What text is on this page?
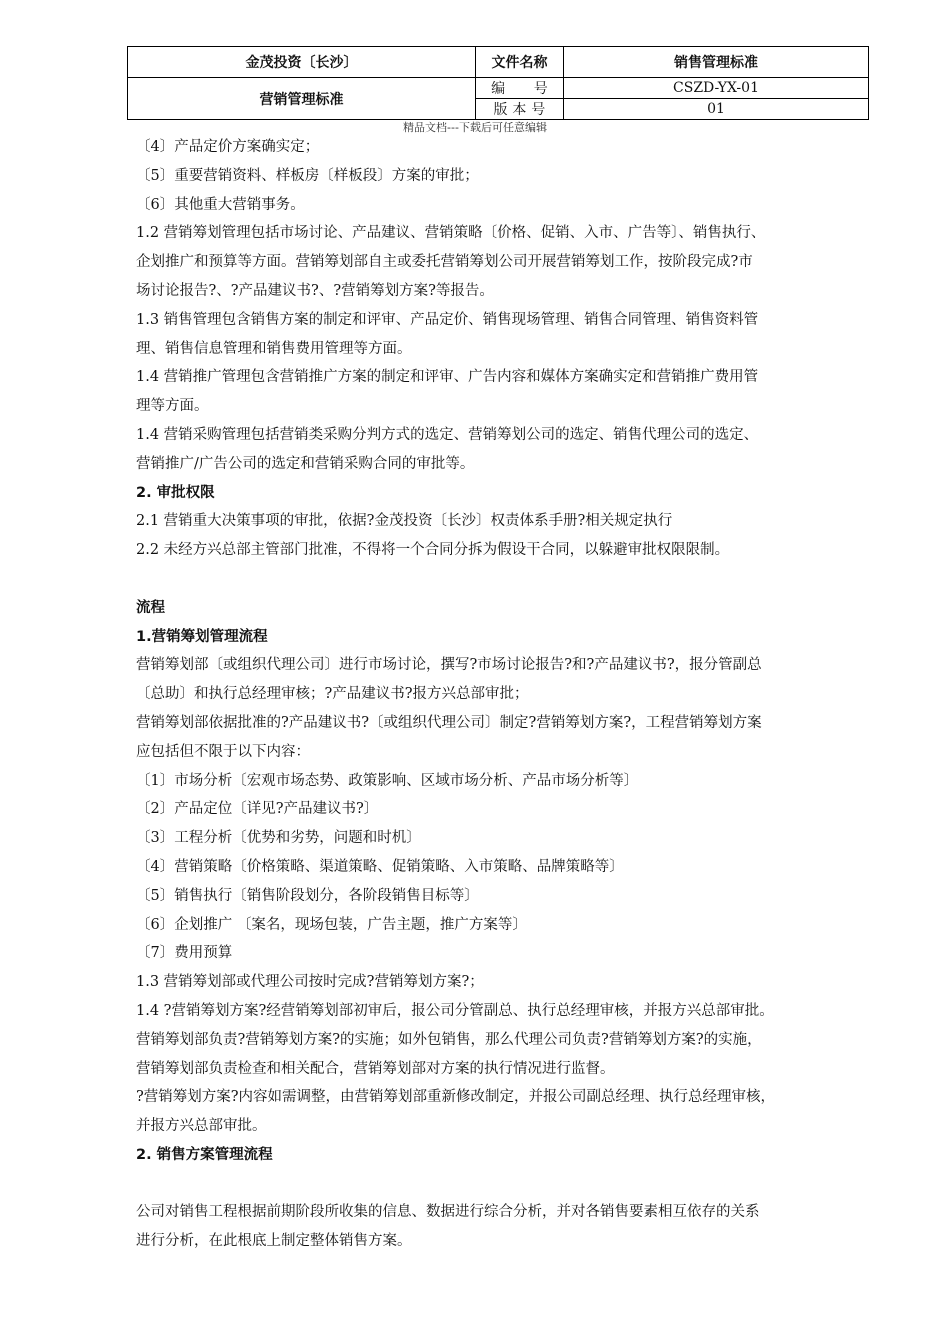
金茂投资〔长沙〕	文件名称	销售管理标准
营销管理标准	编　　号	CSZD-YX-01
	版 本 号	01
精品文档---下载后可任意编辑
〔4〕产品定价方案确实定；
〔5〕重要营销资料、样板房〔样板段〕方案的审批；
〔6〕其他重大营销事务。
1.2 营销筹划管理包括市场讨论、产品建议、营销策略〔价格、促销、入市、广告等〕、销售执行、
企划推广和预算等方面。营销筹划部自主或委托营销筹划公司开展营销筹划工作，按阶段完成?市
场讨论报告?、?产品建议书?、?营销筹划方案?等报告。
1.3 销售管理包含销售方案的制定和评审、产品定价、销售现场管理、销售合同管理、销售资料管
理、销售信息管理和销售费用管理等方面。
1.4 营销推广管理包含营销推广方案的制定和评审、广告内容和媒体方案确实定和营销推广费用管
理等方面。
1.4 营销采购管理包括营销类采购分判方式的选定、营销筹划公司的选定、销售代理公司的选定、
营销推广/广告公司的选定和营销采购合同的审批等。
2. 审批权限
2.1 营销重大决策事项的审批，依据?金茂投资〔长沙〕权责体系手册?相关规定执行
2.2 未经方兴总部主管部门批准，不得将一个合同分拆为假设干合同，以躲避审批权限限制。
流程
1.营销筹划管理流程
营销筹划部〔或组织代理公司〕进行市场讨论，撰写?市场讨论报告?和?产品建议书?，报分管副总
〔总助〕和执行总经理审核；?产品建议书?报方兴总部审批；
营销筹划部依据批准的?产品建议书?〔或组织代理公司〕制定?营销筹划方案?，工程营销筹划方案
应包括但不限于以下内容：
〔1〕市场分析〔宏观市场态势、政策影响、区域市场分析、产品市场分析等〕
〔2〕产品定位〔详见?产品建议书?〕
〔3〕工程分析〔优势和劣势，问题和时机〕
〔4〕营销策略〔价格策略、渠道策略、促销策略、入市策略、品牌策略等〕
〔5〕销售执行〔销售阶段划分，各阶段销售目标等〕
〔6〕企划推广 〔案名，现场包装，广告主题，推广方案等〕
〔7〕费用预算
1.3 营销筹划部或代理公司按时完成?营销筹划方案?；
1.4 ?营销筹划方案?经营销筹划部初审后，报公司分管副总、执行总经理审核，并报方兴总部审批。
营销筹划部负责?营销筹划方案?的实施；如外包销售，那么代理公司负责?营销筹划方案?的实施，
营销筹划部负责检查和相关配合，营销筹划部对方案的执行情况进行监督。
?营销筹划方案?内容如需调整，由营销筹划部重新修改制定，并报公司副总经理、执行总经理审核，
并报方兴总部审批。
2. 销售方案管理流程
公司对销售工程根据前期阶段所收集的信息、数据进行综合分析，并对各销售要素相互依存的关系
进行分析，在此根底上制定整体销售方案。
